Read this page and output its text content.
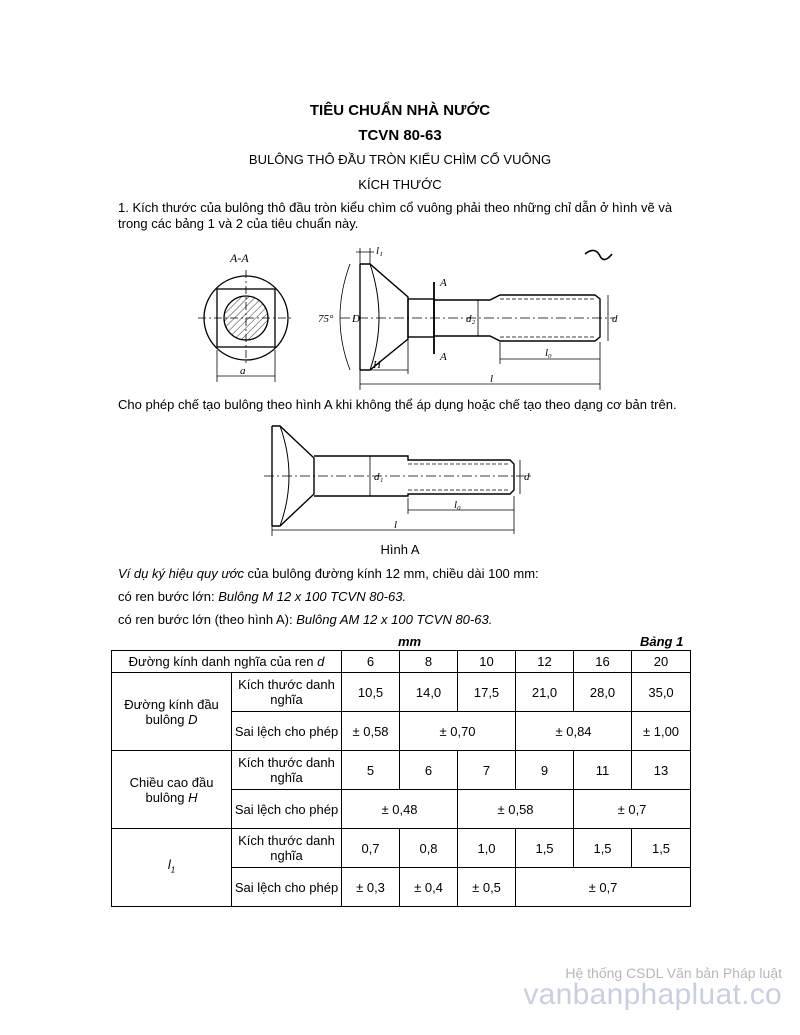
TIÊU CHUẨN NHÀ NƯỚC
TCVN 80-63
BULÔNG THÔ ĐẦU TRÒN KIỂU CHÌM CỔ VUÔNG
KÍCH THƯỚC
1. Kích thước của bulông thô đầu tròn kiểu chìm cổ vuông phải theo những chỉ dẫn ở hình vẽ và trong các bảng 1 và 2 của tiêu chuẩn này.
A-A
a
75° D	d₂	d
l₁
A
A
H
l₀
l
Cho phép chế tạo bulông theo hình A khi không thể áp dụng hoặc chế tạo theo dạng cơ bản trên.
d₁	d
l₀
l
Hình A
Ví dụ ký hiệu quy ước của bulông đường kính 12 mm, chiều dài 100 mm:
có ren bước lớn: Bulông M 12 x 100 TCVN 80-63.
có ren bước lớn (theo hình A): Bulông AM 12 x 100 TCVN 80-63.
mm	Bảng 1
Đường kính danh nghĩa của ren d		6	8	10	12	16	20
Đường kính đầu bulông D	Kích thước danh nghĩa	10,5	14,0	17,5	21,0	28,0	35,0
	Sai lệch cho phép	± 0,58	± 0,70		± 0,84		± 1,00
Chiều cao đầu bulông H	Kích thước danh nghĩa	5	6	7	9	11	13
	Sai lệch cho phép	± 0,48		± 0,58		± 0,7	
$l_1$	Kích thước danh nghĩa	0,7	0,8	1,0	1,5	1,5	1,5
	Sai lệch cho phép	± 0,3	± 0,4	± 0,5	± 0,7		
Hệ thống CSDL Văn bản Pháp luật
vanbanphapluat.co
